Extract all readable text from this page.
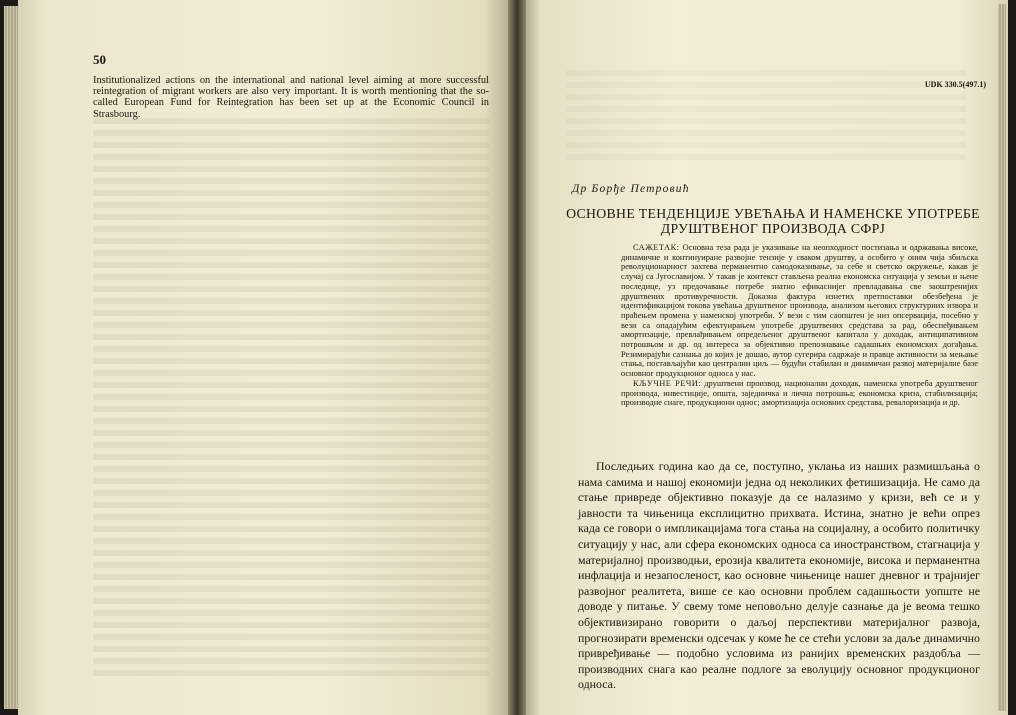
50
Institutionalized actions on the international and national level aiming at more successful reintegration of migrant workers are also very important. It is worth mentioning that the so-called European Fund for Reintegration has been set up at the Economic Council in Strasbourg.
UDK 330.5(497.1)
Др Борђе Петровић
ОСНОВНЕ ТЕНДЕНЦИЈЕ УВЕЋАЊА И НАМЕНСКЕ УПОТРЕБЕ ДРУШТВЕНОГ ПРОИЗВОДА СФРЈ

САЖЕТАК: Основна теза рада је указивање на неопходност постизања и одржавања високе, динамичне и континуиране развојне тензије у сваком друштву, а особито у оним чија збиљска револуционарност захтева перманентно самодоказивање, за себе и светско окружење, какав је случај са Југославијом. У такав је контекст стављена реална економска ситуација у земљи и њене последице, уз предочавање потребе знатно ефикаснијег превладавања све заоштренијих друштвених противуречности. Доказна фактура изнетих претпоставки обезбеђена је идентификацијом токова увећања друштвеног производа, анализом његових структурних извора и праћењем промена у наменској употреби. У вези с тим саопштен је низ опсервација, посебно у вези са опадајућим ефектуирањем употребе друштвених средстава за рад, обеспеђивањем амортизације, превлађивањем опредељеног друштвеног капитала у доходак, антиципативном потрошњом и др. од интереса за објективно препознавање садашњих економских догађања. Резимирајући сазнања до којих је дошао, аутор сугерира садржаје и правце активности за мењање стања, постављајући као централни циљ — будући стабилан и динамичан развој материјалне базе основног продукционог односа у нас.

КЉУЧНЕ РЕЧИ: друштвени производ, национални доходак, наменска употреба друштвеног производа, инвестиције, општа, заједничка и лична потрошња; економска криза, стабилизација; производне снаге, продукциони однос; амортизација основних средстава, ревалоризација и др.

Последњих година као да се, поступно, уклања из наших размишљања о нама самима и нашој економији једна од неколиких фетишизација. Не само да стање привреде објективно показује да се налазимо у кризи, већ се и у јавности та чињеница експлицитно прихвата. Истина, знатно је већи опрез када се говори о импликацијама тога стања на социјалну, а особито политичку ситуацију у нас, али сфера економских односа са иностранством, стагнација у материјалној производњи, ерозија квалитета економије, висока и перманентна инфлација и незапосленост, као основне чињенице нашег дневног и трајнијег развојног реалитета, више се као основни проблем садашњости уопште не доводе у питање. У свему томе неповољно делује сазнање да је веома тешко објективизирано говорити о даљој перспективи материјалног развоја, прогнозирати временски одсечак у коме ће се стећи услови за даље динамично привређивање — подобно условима из ранијих временских раздобља — производних снага као реалне подлоге за еволуцију основног продукционог односа.
